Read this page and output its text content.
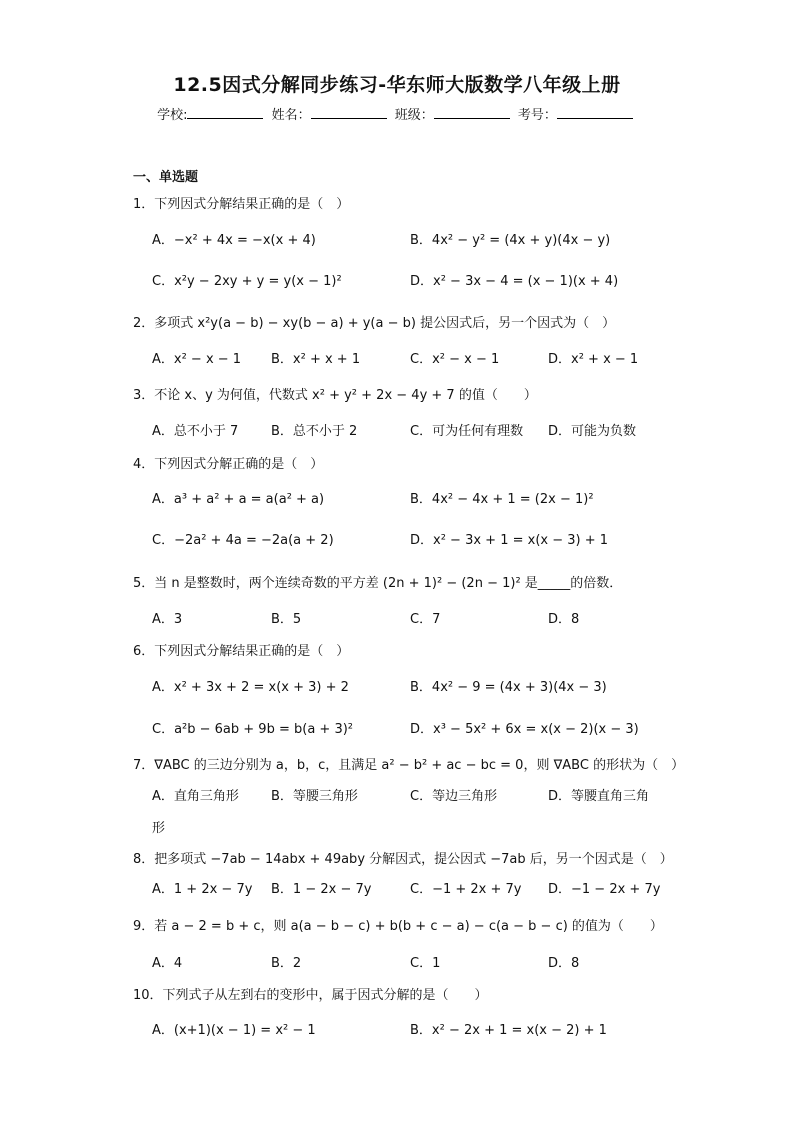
12.5因式分解同步练习-华东师大版数学八年级上册
学校:	姓名：	班级：	考号：
一、单选题
1．下列因式分解结果正确的是（　）
A．−x² + 4x = −x(x + 4)	B．4x² − y² = (4x + y)(4x − y)
C．x²y − 2xy + y = y(x − 1)²	D．x² − 3x − 4 = (x − 1)(x + 4)
2．多项式 x²y(a − b) − xy(b − a) + y(a − b) 提公因式后，另一个因式为（　）
A．x² − x − 1 B．x² + x + 1	C．x² − x − 1	D．x² + x − 1
3．不论 x、y 为何值，代数式 x² + y² + 2x − 4y + 7 的值（　　）
A．总不小于 7	B．总不小于 2	C．可为任何有理数 D．可能为负数
4．下列因式分解正确的是（　）
A．a³ + a² + a = a(a² + a)	B．4x² − 4x + 1 = (2x − 1)²
C．−2a² + 4a = −2a(a + 2)	D．x² − 3x + 1 = x(x − 3) + 1
5．当 n 是整数时，两个连续奇数的平方差 (2n + 1)² − (2n − 1)² 是_____的倍数．
A．3	B．5	C．7	D．8
6．下列因式分解结果正确的是（　）
A．x² + 3x + 2 = x(x + 3) + 2	B．4x² − 9 = (4x + 3)(4x − 3)
C．a²b − 6ab + 9b = b(a + 3)²	D．x³ − 5x² + 6x = x(x − 2)(x − 3)
7．∇ABC 的三边分别为 a，b，c，且满足 a² − b² + ac − bc = 0，则 ∇ABC 的形状为（　）
A．直角三角形 B．等腰三角形	C．等边三角形	D．等腰直角三角
形
8．把多项式 −7ab − 14abx + 49aby 分解因式，提公因式 −7ab 后，另一个因式是（　）
A．1 + 2x − 7y B．1 − 2x − 7y	C．−1 + 2x + 7y D．−1 − 2x + 7y
9．若 a − 2 = b + c，则 a(a − b − c) + b(b + c − a) − c(a − b − c) 的值为（　　）
A．4	B．2	C．1	D．8
10．下列式子从左到右的变形中，属于因式分解的是（　　）
A．(x+1)(x − 1) = x² − 1	B．x² − 2x + 1 = x(x − 2) + 1
